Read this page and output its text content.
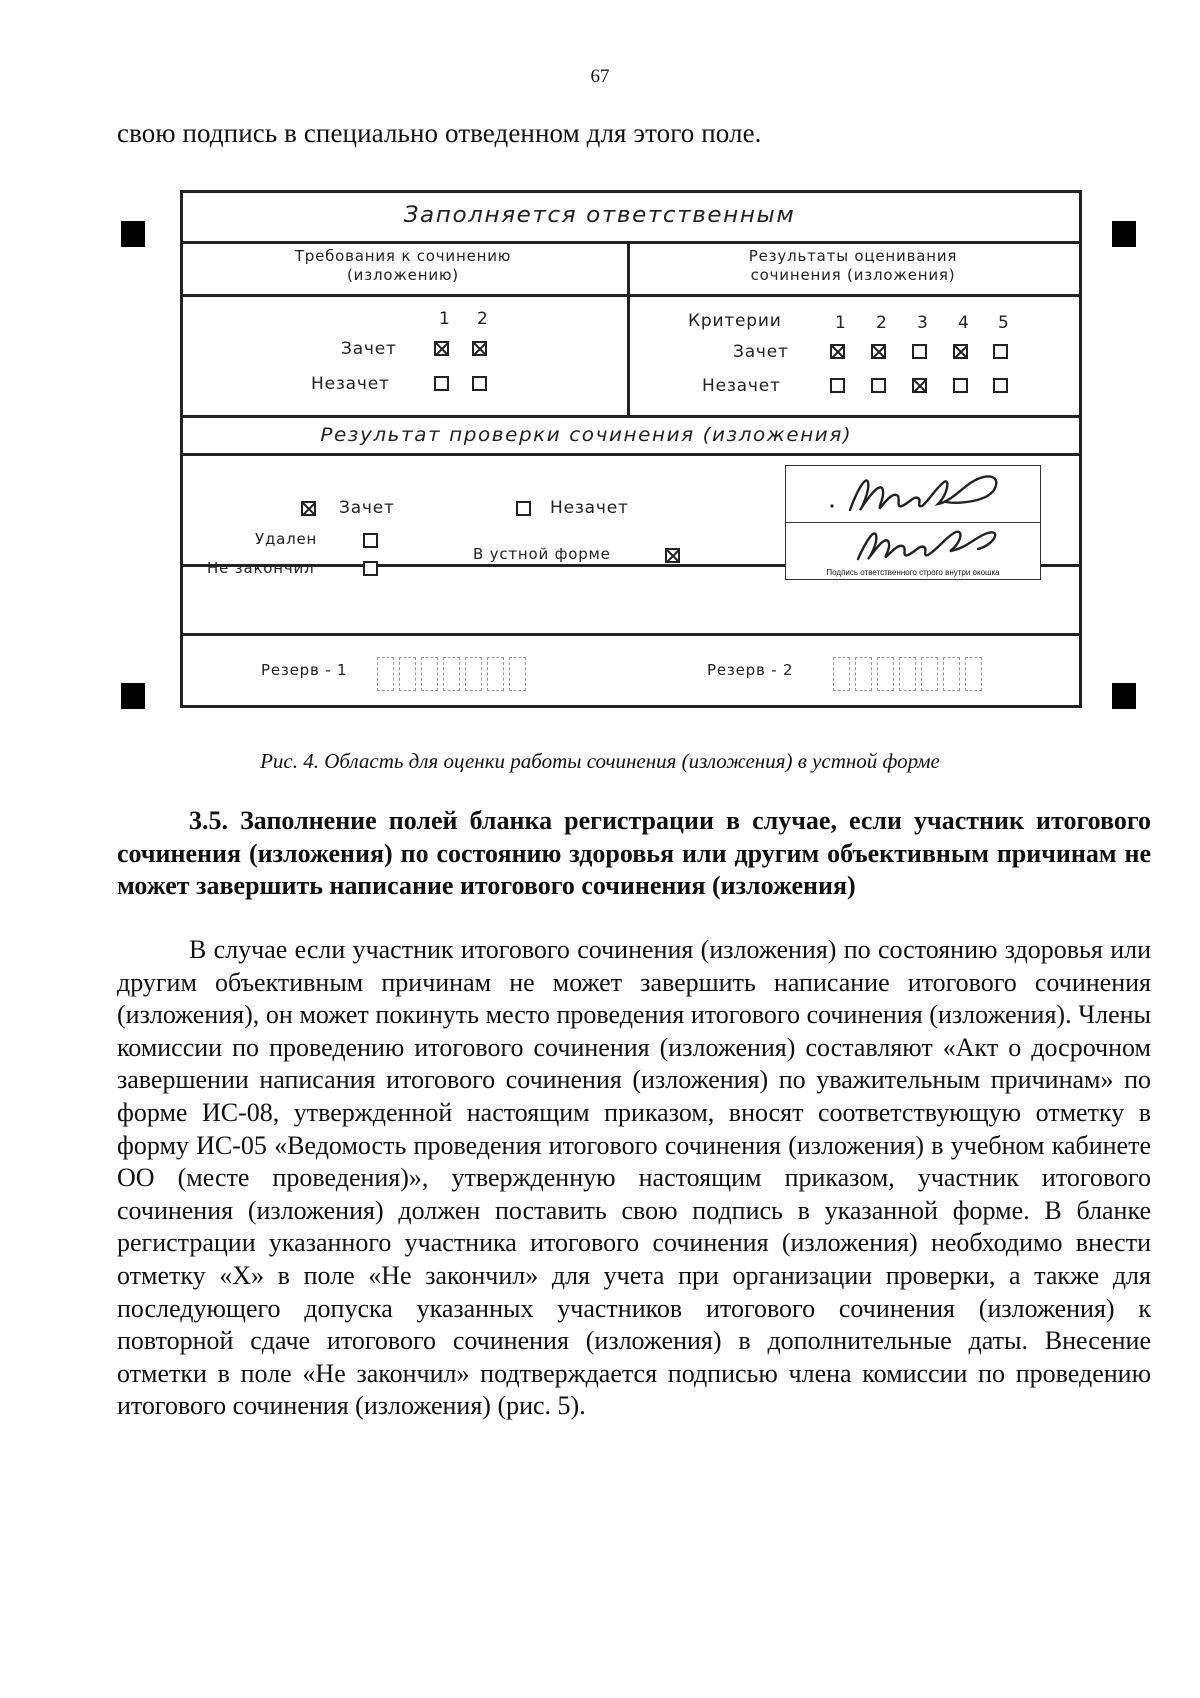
67
свою подпись в специально отведенном для этого поле.
Заполняется ответственным
Требования к сочинению (изложению)
Результаты оценивания сочинения (изложения)
1 2
Зачет
Незачет
Критерии	1 2 3 4 5
Зачет
Незачет
Результат проверки сочинения (изложения)
Зачет	Незачет
Удален
Не закончил
В устной форме
Подпись ответственного строго внутри окошка
Резерв - 1	Резерв - 2
Рис. 4. Область для оценки работы сочинения (изложения) в устной форме
3.5. Заполнение полей бланка регистрации в случае, если участник итогового сочинения (изложения) по состоянию здоровья или другим объективным причинам не может завершить написание итогового сочинения (изложения)
В случае если участник итогового сочинения (изложения) по состоянию здоровья или другим объективным причинам не может завершить написание итогового сочинения (изложения), он может покинуть место проведения итогового сочинения (изложения). Члены комиссии по проведению итогового сочинения (изложения) составляют «Акт о досрочном завершении написания итогового сочинения (изложения) по уважительным причинам» по форме ИС-08, утвержденной настоящим приказом, вносят соответствующую отметку в форму ИС-05 «Ведомость проведения итогового сочинения (изложения) в учебном кабинете ОО (месте проведения)», утвержденную настоящим приказом, участник итогового сочинения (изложения) должен поставить свою подпись в указанной форме. В бланке регистрации указанного участника итогового сочинения (изложения) необходимо внести отметку «Х» в поле «Не закончил» для учета при организации проверки, а также для последующего допуска указанных участников итогового сочинения (изложения) к повторной сдаче итогового сочинения (изложения) в дополнительные даты. Внесение отметки в поле «Не закончил» подтверждается подписью члена комиссии по проведению итогового сочинения (изложения) (рис. 5).
